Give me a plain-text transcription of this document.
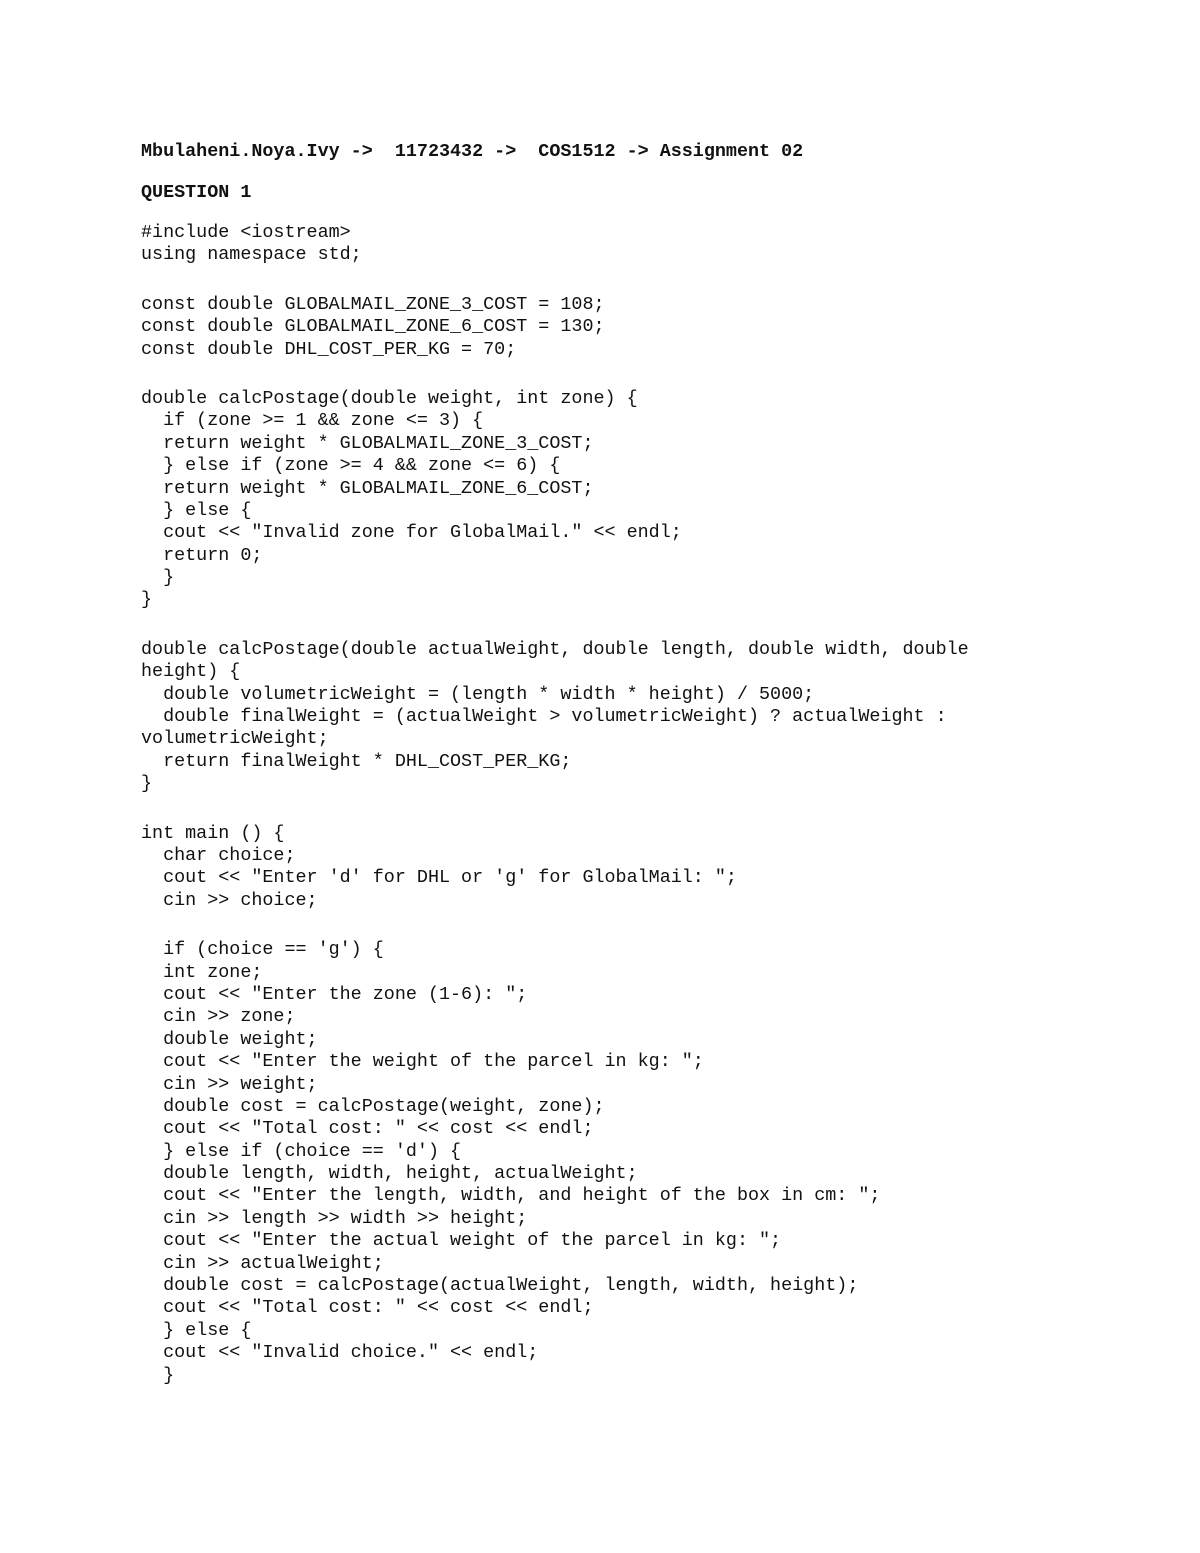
Mbulaheni.Noya.Ivy ->  11723432 ->  COS1512 -> Assignment 02
QUESTION 1
#include <iostream>
using namespace std;
const double GLOBALMAIL_ZONE_3_COST = 108;
const double GLOBALMAIL_ZONE_6_COST = 130;
const double DHL_COST_PER_KG = 70;
double calcPostage(double weight, int zone) {
if (zone >= 1 && zone <= 3) {
return weight * GLOBALMAIL_ZONE_3_COST;
} else if (zone >= 4 && zone <= 6) {
return weight * GLOBALMAIL_ZONE_6_COST;
} else {
cout << "Invalid zone for GlobalMail." << endl;
return 0;
}
}
double calcPostage(double actualWeight, double length, double width, double
height) {
double volumetricWeight = (length * width * height) / 5000;
double finalWeight = (actualWeight > volumetricWeight) ? actualWeight :
volumetricWeight;
return finalWeight * DHL_COST_PER_KG;
}
int main () {
char choice;
cout << "Enter 'd' for DHL or 'g' for GlobalMail: ";
cin >> choice;
if (choice == 'g') {
int zone;
cout << "Enter the zone (1-6): ";
cin >> zone;
double weight;
cout << "Enter the weight of the parcel in kg: ";
cin >> weight;
double cost = calcPostage(weight, zone);
cout << "Total cost: " << cost << endl;
} else if (choice == 'd') {
double length, width, height, actualWeight;
cout << "Enter the length, width, and height of the box in cm: ";
cin >> length >> width >> height;
cout << "Enter the actual weight of the parcel in kg: ";
cin >> actualWeight;
double cost = calcPostage(actualWeight, length, width, height);
cout << "Total cost: " << cost << endl;
} else {
cout << "Invalid choice." << endl;
}
